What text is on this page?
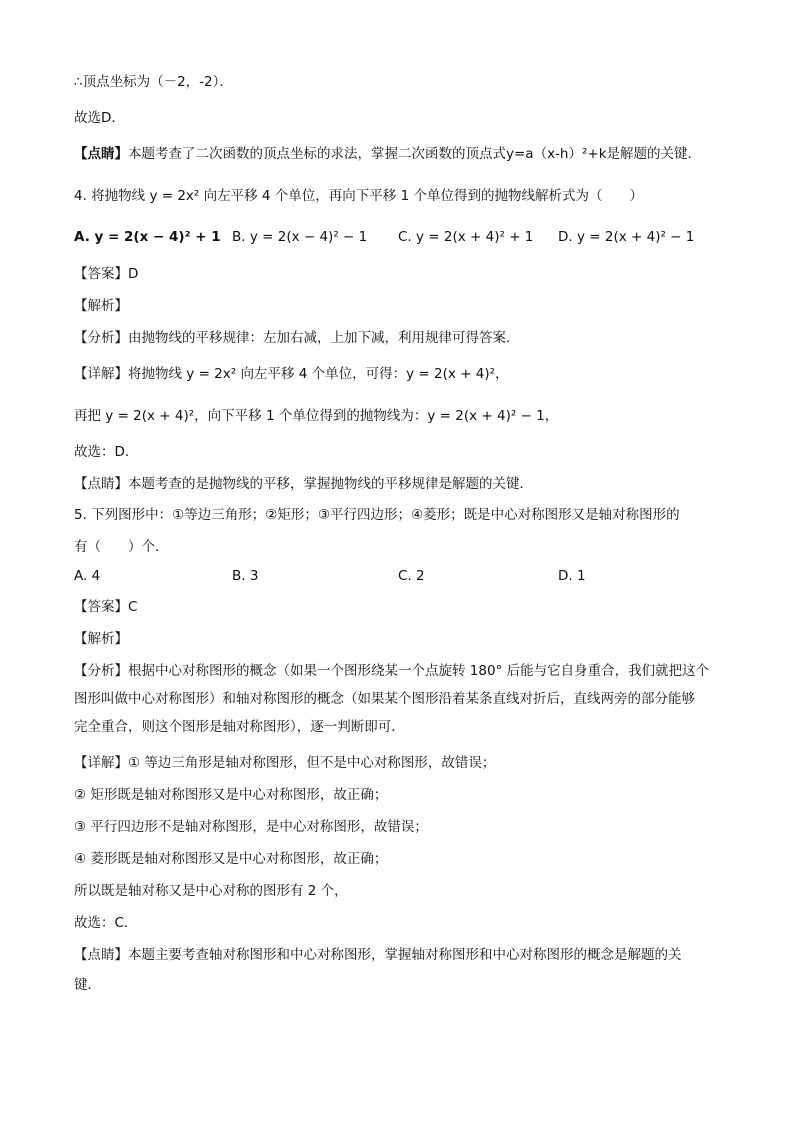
∴顶点坐标为（－2，-2）．
故选D．
【点睛】本题考查了二次函数的顶点坐标的求法，掌握二次函数的顶点式y=a（x-h）²+k是解题的关键．
4. 将抛物线 y = 2x² 向左平移 4 个单位，再向下平移 1 个单位得到的抛物线解析式为（　　）
A. y = 2(x − 4)² + 1 B. y = 2(x − 4)² − 1 C. y = 2(x + 4)² + 1 D. y = 2(x + 4)² − 1
【答案】D
【解析】
【分析】由抛物线的平移规律：左加右减，上加下减，利用规律可得答案．
【详解】将抛物线 y = 2x² 向左平移 4 个单位，可得：y = 2(x + 4)²，
再把 y = 2(x + 4)²，向下平移 1 个单位得到的抛物线为：y = 2(x + 4)² − 1，
故选：D．
【点睛】本题考查的是抛物线的平移，掌握抛物线的平移规律是解题的关键．
5. 下列图形中：①等边三角形；②矩形；③平行四边形；④菱形；既是中心对称图形又是轴对称图形的
有（　　）个．
A. 4	B. 3	C. 2	D. 1
【答案】C
【解析】
【分析】根据中心对称图形的概念（如果一个图形绕某一个点旋转 180° 后能与它自身重合，我们就把这个
图形叫做中心对称图形）和轴对称图形的概念（如果某个图形沿着某条直线对折后，直线两旁的部分能够
完全重合，则这个图形是轴对称图形），逐一判断即可．
【详解】① 等边三角形是轴对称图形，但不是中心对称图形，故错误；
② 矩形既是轴对称图形又是中心对称图形，故正确；
③ 平行四边形不是轴对称图形，是中心对称图形，故错误；
④ 菱形既是轴对称图形又是中心对称图形，故正确；
所以既是轴对称又是中心对称的图形有 2 个，
故选：C．
【点睛】本题主要考查轴对称图形和中心对称图形，掌握轴对称图形和中心对称图形的概念是解题的关
键．
